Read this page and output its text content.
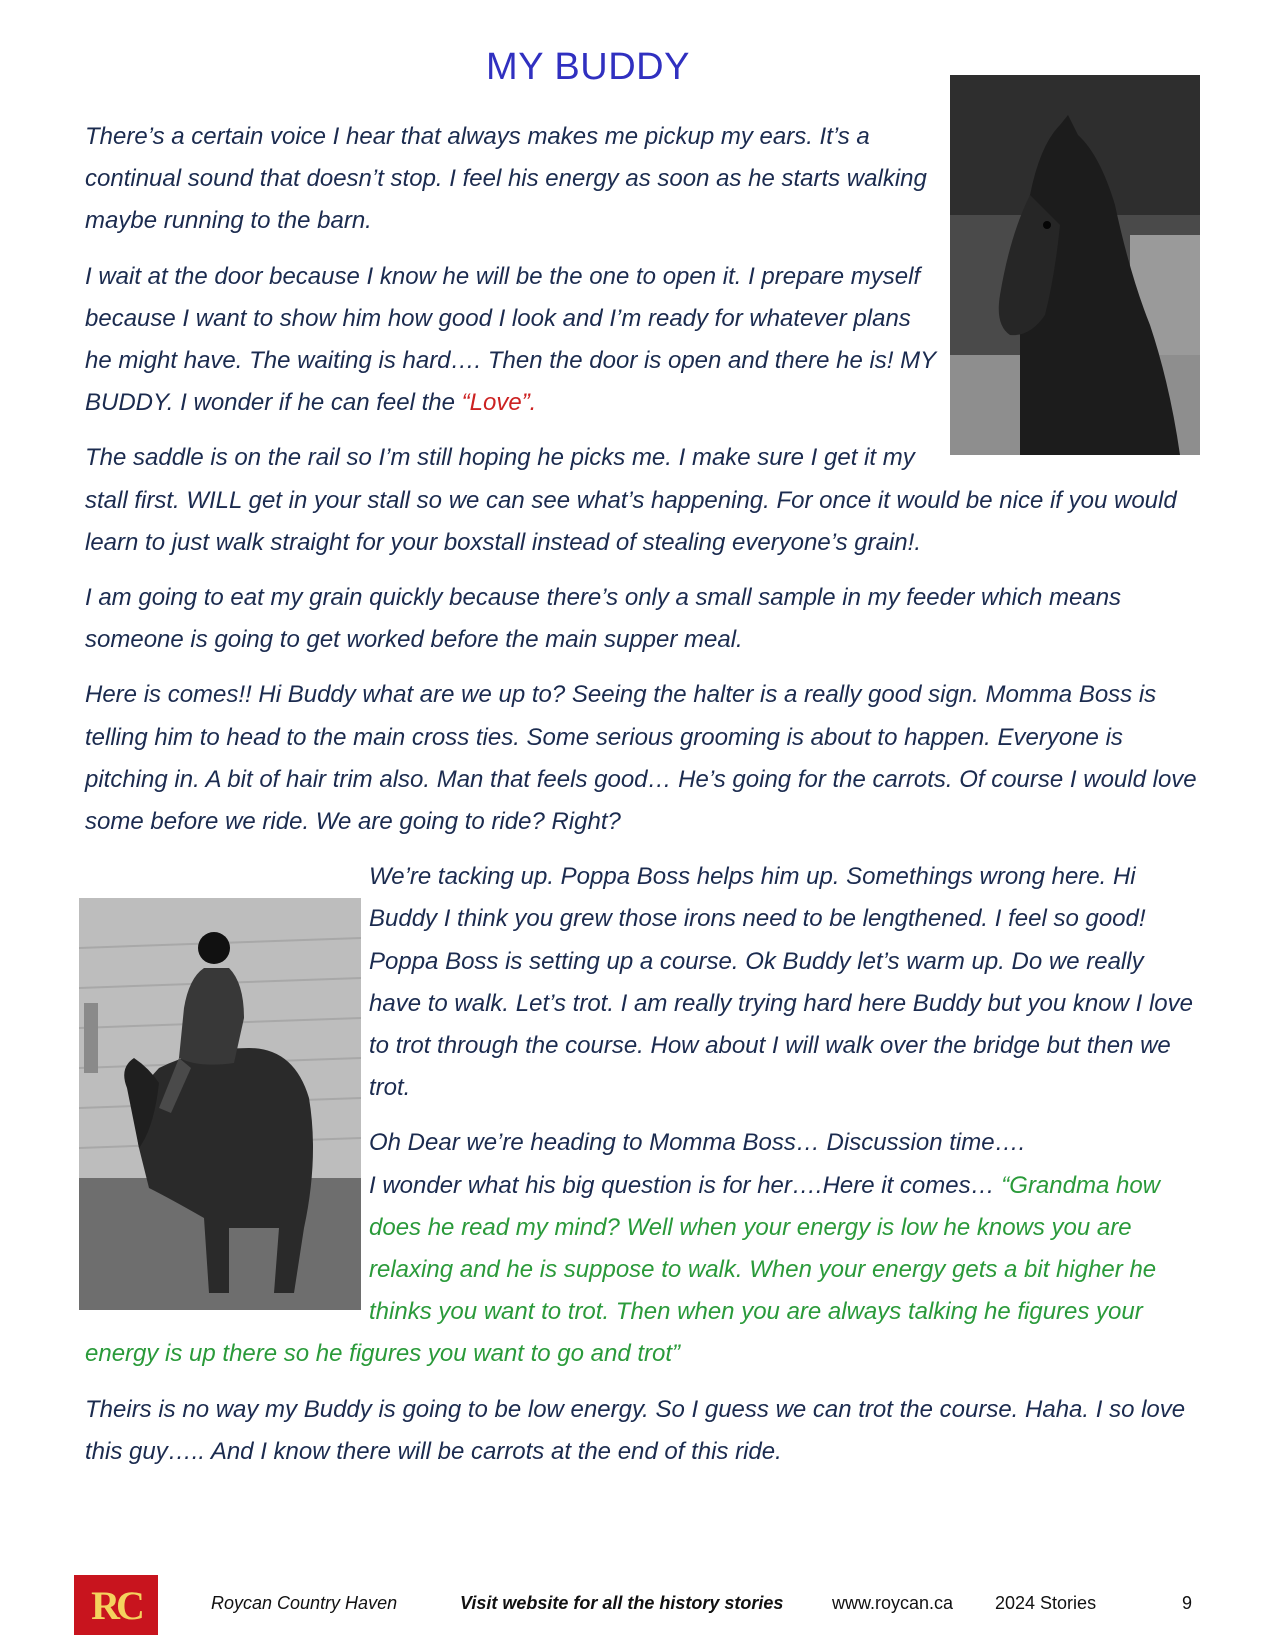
MY BUDDY

There’s a certain voice I hear that always makes me pickup my ears. It’s a continual sound that doesn’t stop. I feel his energy as soon as he starts walking maybe running to the barn.

I wait at the door because I know he will be the one to open it. I prepare myself because I want to show him how good I look and I’m ready for whatever plans he might have. The waiting is hard…. Then the door is open and there he is! MY BUDDY. I wonder if he can feel the “Love”.

The saddle is on the rail so I’m still hoping he picks me. I make sure I get it my stall first. WILL get in your stall so we can see what’s happening. For once it would be nice if you would learn to just walk straight for your boxstall instead of stealing everyone’s grain!.

I am going to eat my grain quickly because there’s only a small sample in my feeder which means someone is going to get worked before the main supper meal.

Here is comes!! Hi Buddy what are we up to? Seeing the halter is a really good sign. Momma Boss is telling him to head to the main cross ties. Some serious grooming is about to happen. Everyone is pitching in. A bit of hair trim also. Man that feels good… He’s going for the carrots. Of course I would love some before we ride. We are going to ride? Right?

We’re tacking up. Poppa Boss helps him up. Somethings wrong here. Hi Buddy I think you grew those irons need to be lengthened. I feel so good! Poppa Boss is setting up a course. Ok Buddy let’s warm up. Do we really have to walk. Let’s trot. I am really trying hard here Buddy but you know I love to trot through the course. How about I will walk over the bridge but then we trot.

Oh Dear we’re heading to Momma Boss… Discussion time….
I wonder what his big question is for her….Here it comes… “Grandma how does he read my mind? Well when your energy is low he knows you are relaxing and he is suppose to walk. When your energy gets a bit higher he thinks you want to trot. Then when you are always talking he figures your energy is up there so he figures you want to go and trot”

Theirs is no way my Buddy is going to be low energy. So I guess we can trot the course. Haha. I so love this guy….. And I know there will be carrots at the end of this ride.

RC	Roycan Country Haven	Visit website for all the history stories	www.roycan.ca 2024 Stories	9
